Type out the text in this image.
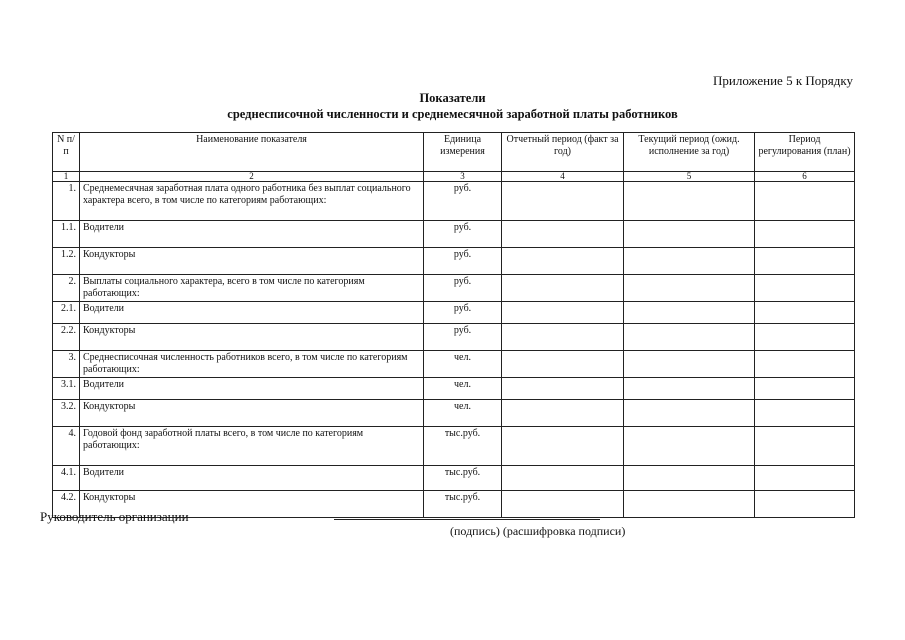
Приложение 5 к Порядку
Показатели
среднесписочной численности и среднемесячной заработной платы работников
N п/п	Наименование показателя	Единица измерения	Отчетный период (факт за год)	Текущий период (ожид. исполнение за год)	Период регулирования (план)
1	2	3	4	5	6
1.	Среднемесячная заработная плата одного работника без выплат социального характера всего, в том числе по категориям работающих:	руб.			
1.1.	Водители	руб.			
1.2.	Кондукторы	руб.			
2.	Выплаты социального характера, всего в том числе по категориям работающих:	руб.			
2.1.	Водители	руб.			
2.2.	Кондукторы	руб.			
3.	Среднесписочная численность работников всего, в том числе по категориям работающих:	чел.			
3.1.	Водители	чел.			
3.2.	Кондукторы	чел.			
4.	Годовой фонд заработной платы всего, в том числе по категориям работающих:	тыс.руб.			
4.1.	Водители	тыс.руб.			
4.2.	Кондукторы	тыс.руб.			
Руководитель организации
(подпись) (расшифровка подписи)
